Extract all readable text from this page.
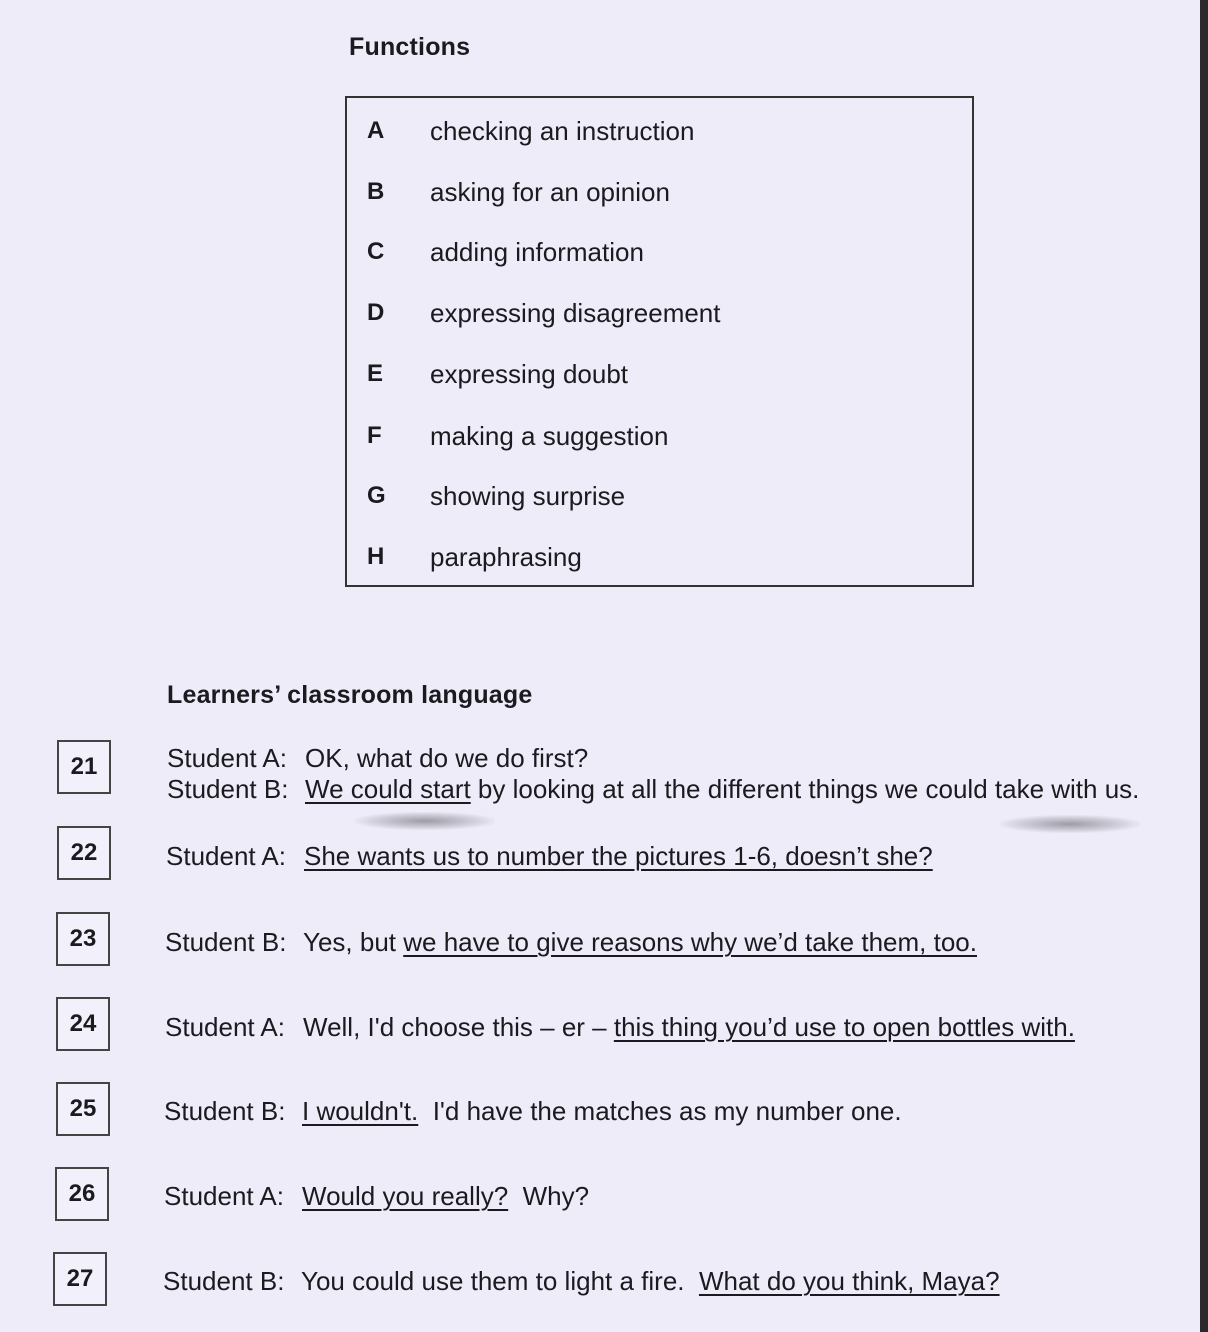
Functions
A	checking an instruction
B	asking for an opinion
C	adding information
D	expressing disagreement
E	expressing doubt
F	making a suggestion
G	showing surprise
H	paraphrasing
Learners’ classroom language
21	Student A: OK, what do we do first?
Student B: We could start by looking at all the different things we could take with us.
22	Student A: She wants us to number the pictures 1-6, doesn’t she?
23	Student B: Yes, but we have to give reasons why we’d take them, too.
24	Student A: Well, I'd choose this – er – this thing you’d use to open bottles with.
25	Student B: I wouldn't.  I'd have the matches as my number one.
26	Student A: Would you really?  Why?
27	Student B: You could use them to light a fire.  What do you think, Maya?
